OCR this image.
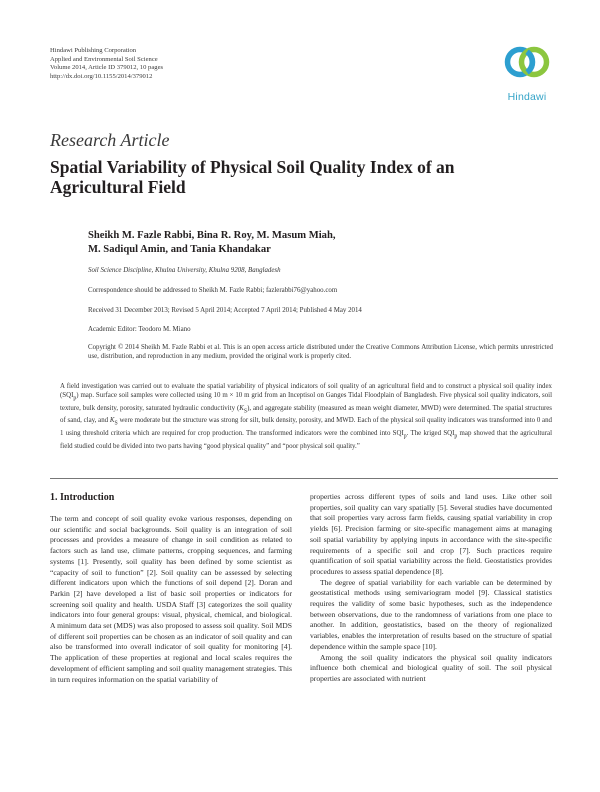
Hindawi Publishing Corporation
Applied and Environmental Soil Science
Volume 2014, Article ID 379012, 10 pages
http://dx.doi.org/10.1155/2014/379012
Hindawi
Research Article
Spatial Variability of Physical Soil Quality Index of an Agricultural Field
Sheikh M. Fazle Rabbi, Bina R. Roy, M. Masum Miah,
M. Sadiqul Amin, and Tania Khandakar
Soil Science Discipline, Khulna University, Khulna 9208, Bangladesh
Correspondence should be addressed to Sheikh M. Fazle Rabbi; fazlerabbi76@yahoo.com
Received 31 December 2013; Revised 5 April 2014; Accepted 7 April 2014; Published 4 May 2014
Academic Editor: Teodoro M. Miano
Copyright © 2014 Sheikh M. Fazle Rabbi et al. This is an open access article distributed under the Creative Commons Attribution License, which permits unrestricted use, distribution, and reproduction in any medium, provided the original work is properly cited.

A field investigation was carried out to evaluate the spatial variability of physical indicators of soil quality of an agricultural field and to construct a physical soil quality index $(SQI_p)$ map. Surface soil samples were collected using 10 m × 10 m grid from an Inceptisol on Ganges Tidal Floodplain of Bangladesh. Five physical soil quality indicators, soil texture, bulk density, porosity, saturated hydraulic conductivity $(K_S)$, and aggregate stability (measured as mean weight diameter, MWD) were determined. The spatial structures of sand, clay, and $K_S$ were moderate but the structure was strong for silt, bulk density, porosity, and MWD. Each of the physical soil quality indicators was transformed into 0 and 1 using threshold criteria which are required for crop production. The transformed indicators were the combined into $SQI_p$. The kriged $SQI_p$ map showed that the agricultural field studied could be divided into two parts having “good physical quality” and “poor physical soil quality.”

1. Introduction

The term and concept of soil quality evoke various responses, depending on our scientific and social backgrounds. Soil quality is an integration of soil processes and provides a measure of change in soil condition as related to factors such as land use, climate patterns, cropping sequences, and farming systems [1]. Presently, soil quality has been defined by some scientist as “capacity of soil to function” [2]. Soil quality can be assessed by selecting different indicators upon which the functions of soil depend [2]. Doran and Parkin [2] have developed a list of basic soil properties or indicators for screening soil quality and health. USDA Staff [3] categorizes the soil quality indicators into four general groups: visual, physical, chemical, and biological. A minimum data set (MDS) was also proposed to assess soil quality. Soil MDS of different soil properties can be chosen as an indicator of soil quality and can also be transformed into overall indicator of soil quality for monitoring [4]. The application of these properties at regional and local scales requires the development of efficient sampling and soil quality management strategies. This in turn requires information on the spatial variability of

properties across different types of soils and land uses. Like other soil properties, soil quality can vary spatially [5]. Several studies have documented that soil properties vary across farm fields, causing spatial variability in crop yields [6]. Precision farming or site-specific management aims at managing soil spatial variability by applying inputs in accordance with the site-specific requirements of a specific soil and crop [7]. Such practices require quantification of soil spatial variability across the field. Geostatistics provides procedures to assess spatial dependence [8].

The degree of spatial variability for each variable can be determined by geostatistical methods using semivariogram model [9]. Classical statistics requires the validity of some basic hypotheses, such as the independence between observations, due to the randomness of variations from one place to another. In addition, geostatistics, based on the theory of regionalized variables, enables the interpretation of results based on the structure of spatial dependence within the sample space [10].

Among the soil quality indicators the physical soil quality indicators influence both chemical and biological quality of soil. The soil physical properties are associated with nutrient
